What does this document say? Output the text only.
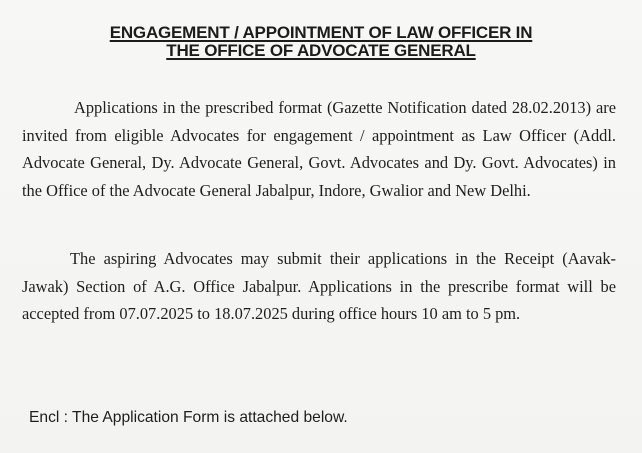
ENGAGEMENT / APPOINTMENT OF LAW OFFICER IN
THE OFFICE OF ADVOCATE GENERAL

Applications in the prescribed format (Gazette Notification dated 28.02.2013) are invited from eligible Advocates for engagement / appointment as Law Officer (Addl. Advocate General, Dy. Advocate General, Govt. Advocates and Dy. Govt. Advocates) in the Office of the Advocate General Jabalpur, Indore, Gwalior and New Delhi.

The aspiring Advocates may submit their applications in the Receipt (Aavak-Jawak) Section of A.G. Office Jabalpur. Applications in the prescribe format will be accepted from 07.07.2025 to 18.07.2025 during office hours 10 am to 5 pm.

Encl : The Application Form is attached below.
